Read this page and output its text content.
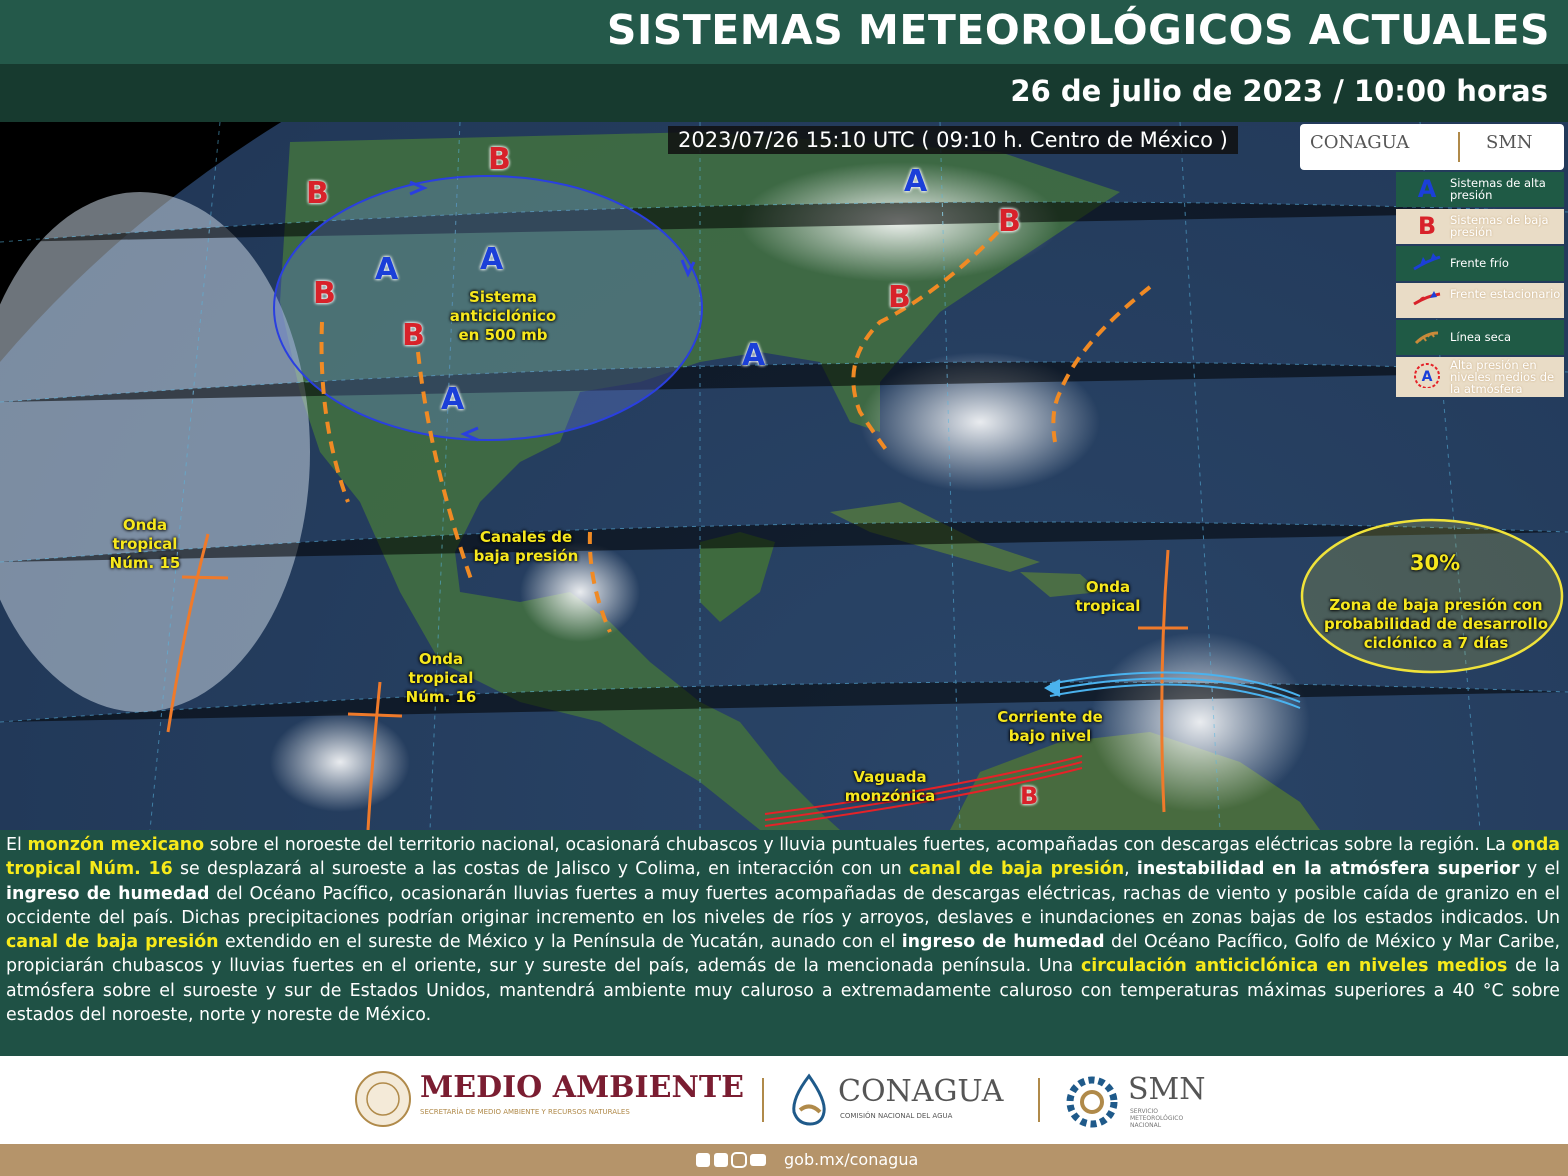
SISTEMAS METEOROLÓGICOS ACTUALES
26 de julio de 2023 / 10:00 horas
B
B
B
B
B
B
B
A	A
A
A
A
Sistema anticiclónico en 500 mb
Canales de baja presión
Onda tropical Núm. 15
Onda tropical Núm. 16
Onda tropical
Corriente de bajo nivel
Vaguada monzónica
30%
Zona de baja presión con probabilidad de desarrollo ciclónico a 7 días
2023/07/26 15:10 UTC ( 09:10 h. Centro de México )	CONAGUA	SMN
A	Sistemas de alta presión
B	Sistemas de baja presión
Frente frío
Frente estacionario
Línea seca
A
Alta presión en niveles medios de la atmósfera

El monzón mexicano sobre el noroeste del territorio nacional, ocasionará chubascos y lluvia puntuales fuertes, acompañadas con descargas eléctricas sobre la región. La onda tropical Núm. 16 se desplazará al suroeste a las costas de Jalisco y Colima, en interacción con un canal de baja presión, inestabilidad en la atmósfera superior y el ingreso de humedad del Océano Pacífico, ocasionarán lluvias fuertes a muy fuertes acompañadas de descargas eléctricas, rachas de viento y posible caída de granizo en el occidente del país. Dichas precipitaciones podrían originar incremento en los niveles de ríos y arroyos, deslaves e inundaciones en zonas bajas de los estados indicados. Un canal de baja presión extendido en el sureste de México y la Península de Yucatán, aunado con el ingreso de humedad del Océano Pacífico, Golfo de México y Mar Caribe, propiciarán chubascos y lluvias fuertes en el oriente, sur y sureste del país, además de la mencionada península. Una circulación anticiclónica en niveles medios de la atmósfera sobre el suroeste y sur de Estados Unidos, mantendrá ambiente muy caluroso a extremadamente caluroso con temperaturas máximas superiores a 40 °C sobre estados del noroeste, norte y noreste de México.

MEDIO AMBIENTE
SECRETARÍA DE MEDIO AMBIENTE Y RECURSOS NATURALES
CONAGUA
COMISIÓN NACIONAL DEL AGUA
SMN
SERVICIO METEOROLÓGICO NACIONAL
gob.mx/conagua
